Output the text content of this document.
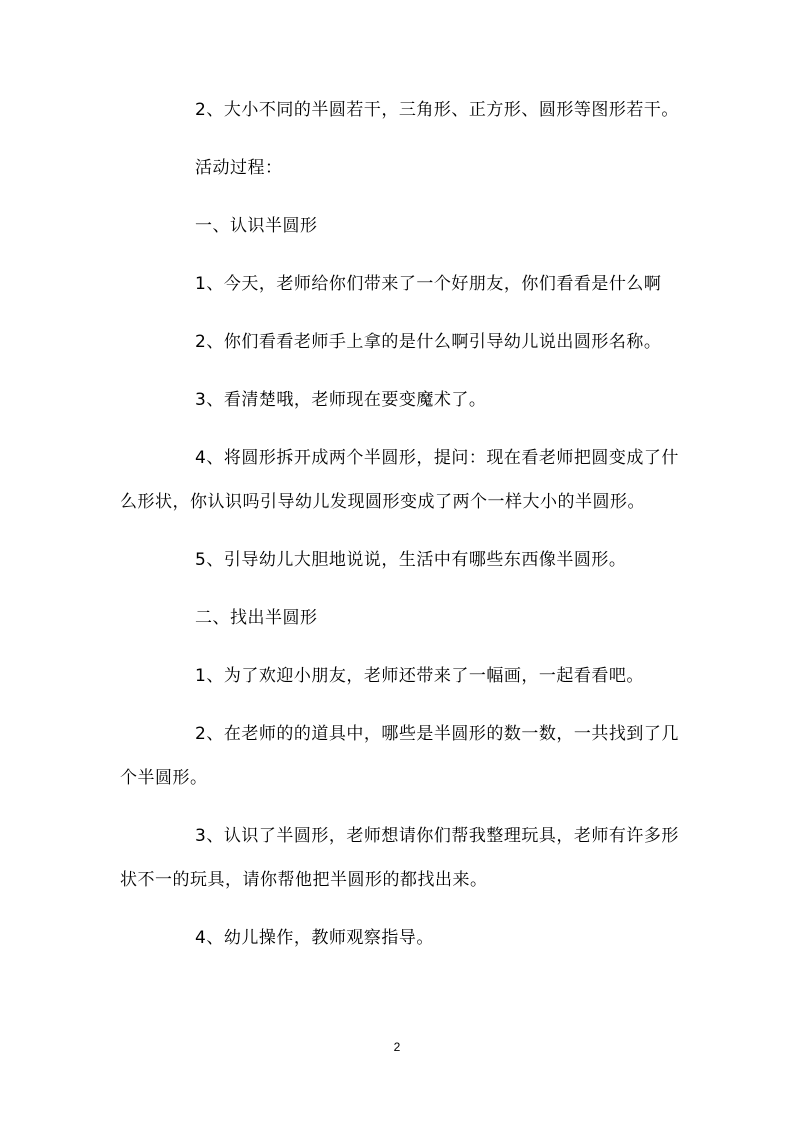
2、大小不同的半圆若干，三角形、正方形、圆形等图形若干。

活动过程：

一、认识半圆形

1、今天，老师给你们带来了一个好朋友，你们看看是什么啊

2、你们看看老师手上拿的是什么啊引导幼儿说出圆形名称。

3、看清楚哦，老师现在要变魔术了。

4、将圆形拆开成两个半圆形，提问：现在看老师把圆变成了什么形状，你认识吗引导幼儿发现圆形变成了两个一样大小的半圆形。

5、引导幼儿大胆地说说，生活中有哪些东西像半圆形。

二、找出半圆形

1、为了欢迎小朋友，老师还带来了一幅画，一起看看吧。

2、在老师的的道具中，哪些是半圆形的数一数，一共找到了几个半圆形。

3、认识了半圆形，老师想请你们帮我整理玩具，老师有许多形状不一的玩具，请你帮他把半圆形的都找出来。

4、幼儿操作，教师观察指导。

2
